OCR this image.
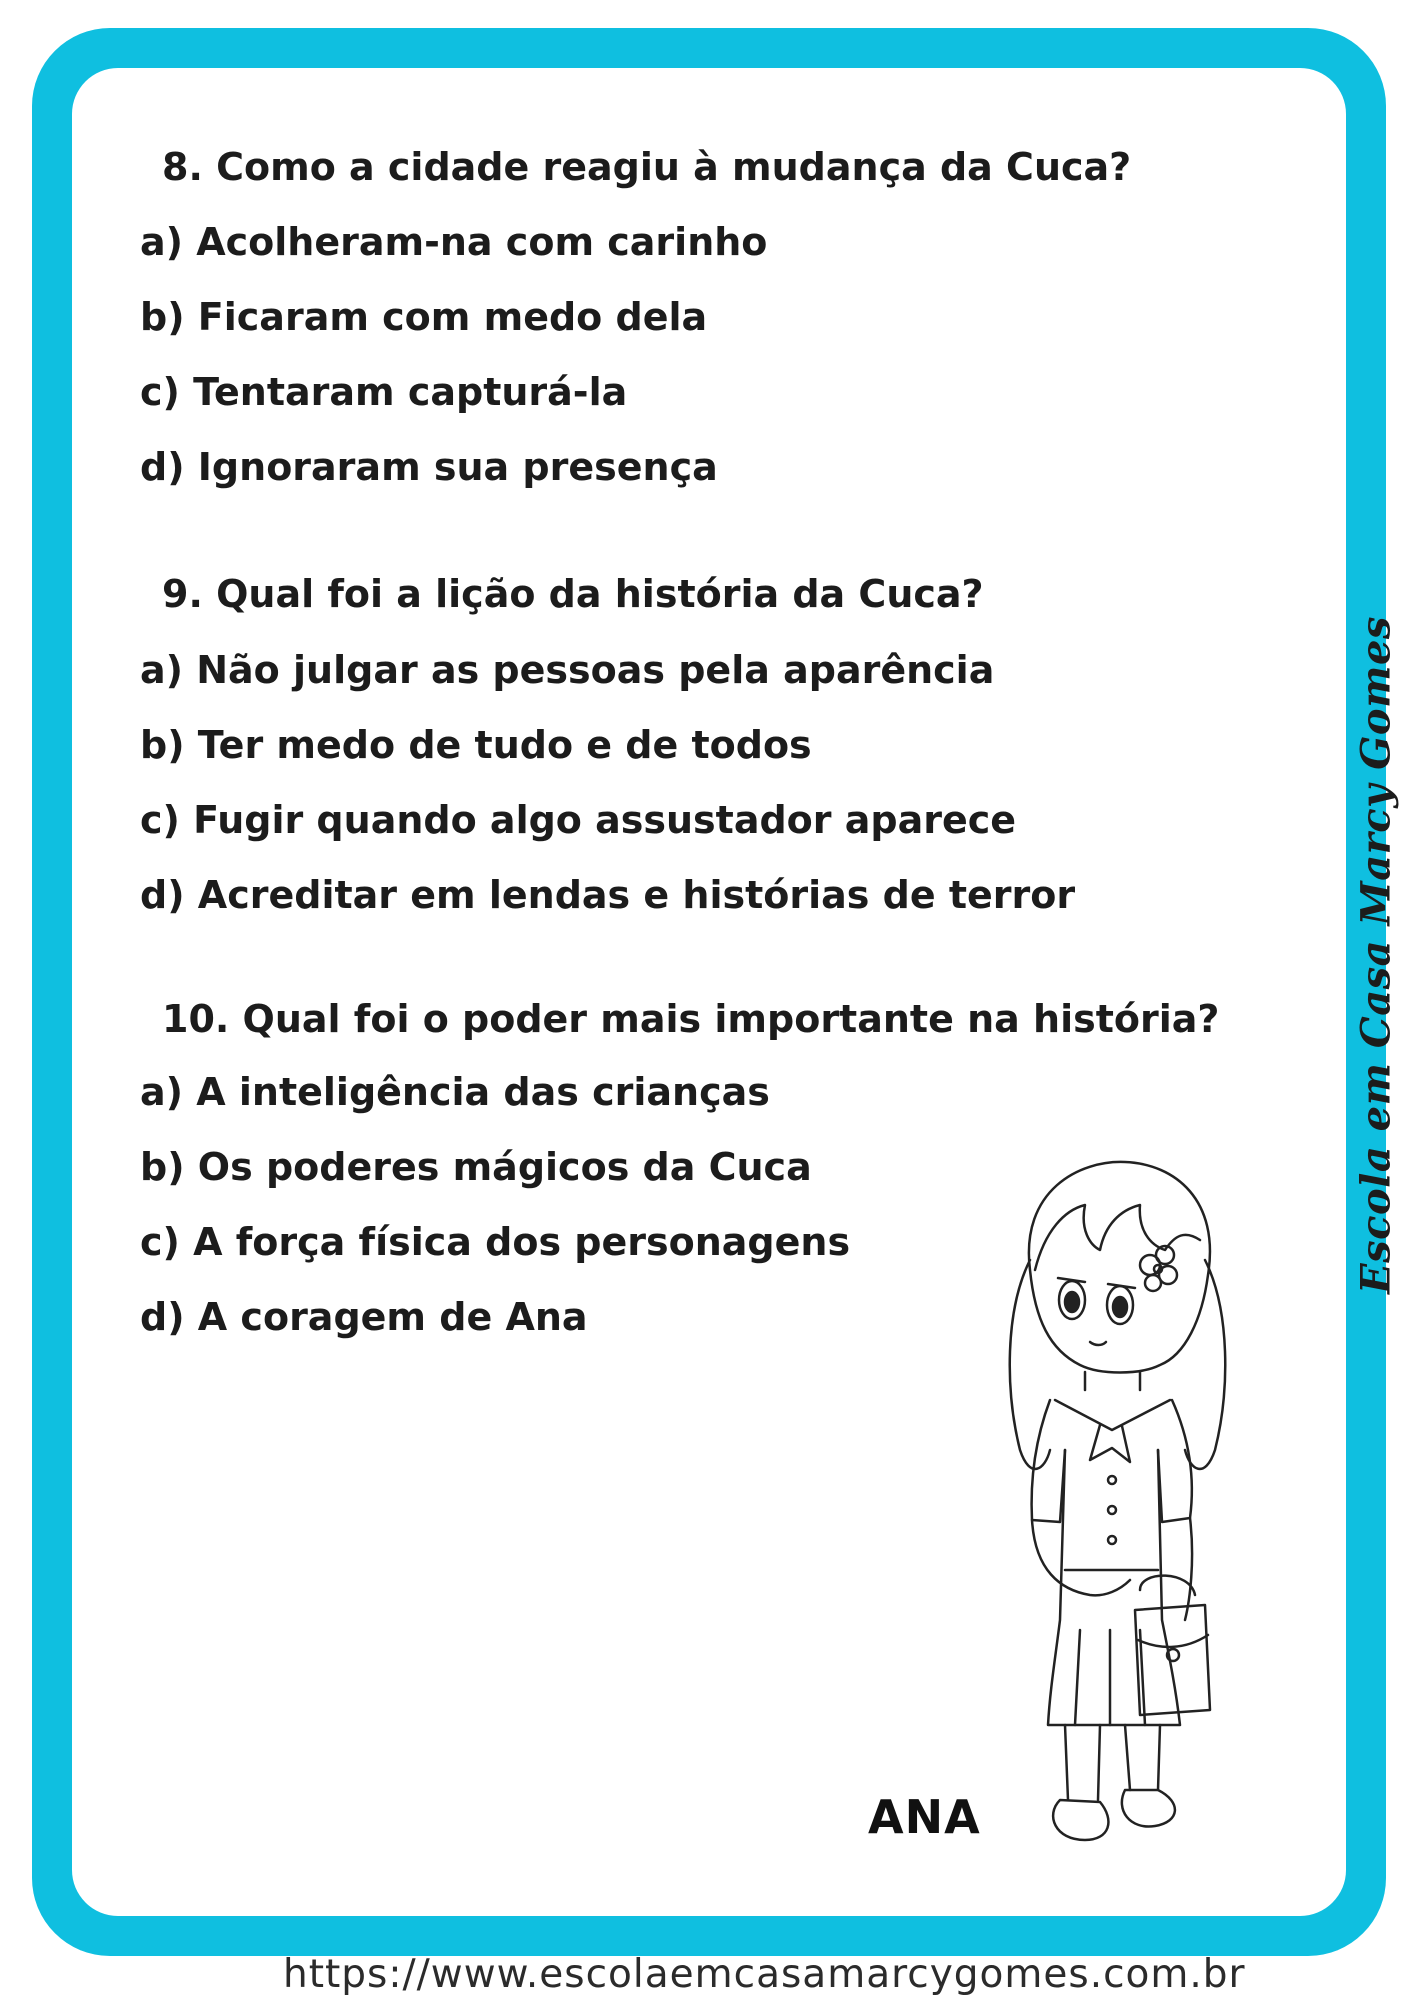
8. Como a cidade reagiu à mudança da Cuca?
a) Acolheram-na com carinho
b) Ficaram com medo dela
c) Tentaram capturá-la
d) Ignoraram sua presença
9. Qual foi a lição da história da Cuca?
a) Não julgar as pessoas pela aparência
b) Ter medo de tudo e de todos
c) Fugir quando algo assustador aparece
d) Acreditar em lendas e histórias de terror
10. Qual foi o poder mais importante na história?
a) A inteligência das crianças
b) Os poderes mágicos da Cuca
c) A força física dos personagens
d) A coragem de Ana
ANA
Escola em Casa Marcy Gomes
https://www.escolaemcasamarcygomes.com.br
